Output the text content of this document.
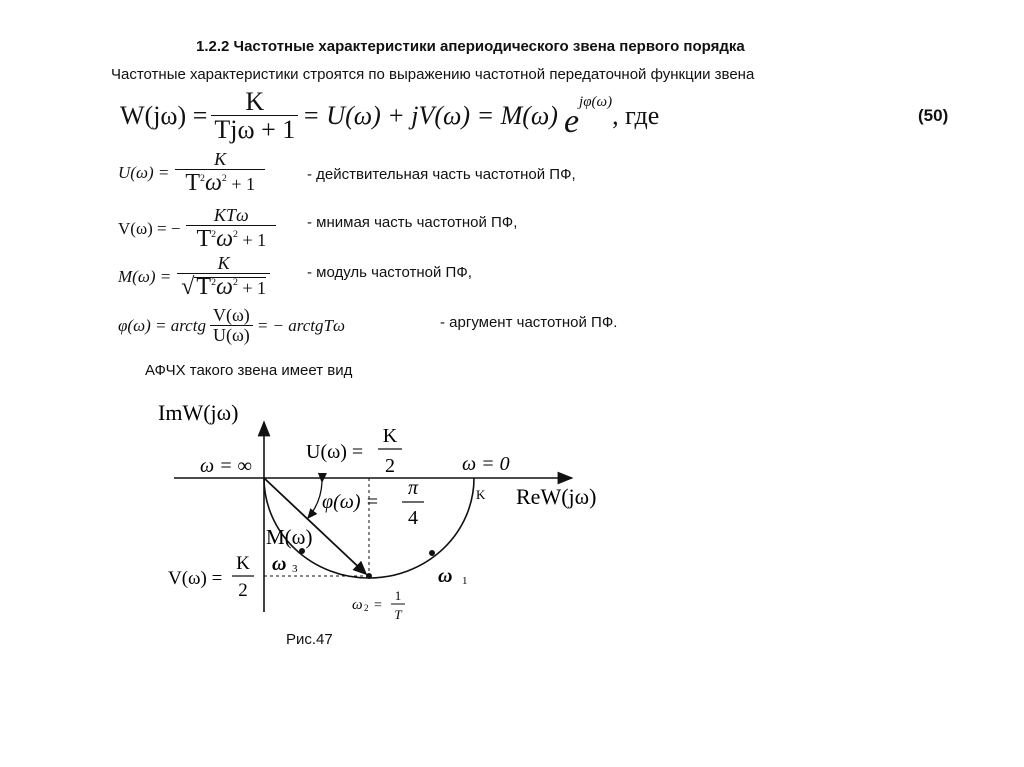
1.2.2 Частотные характеристики апериодического звена первого порядка
Частотные характеристики строятся по выражению частотной передаточной функции звена
$W(j\omega) = \frac{K}{\text{Tjω + 1}} = U(\omega) + jV(\omega) = M(\omega)$ e
jφ(ω) , где	(50)
$U(\omega) = \frac{K}{T^2\omega^2 + 1}$	- действительная часть частотной ПФ,
V(ω) = − $\frac{\text{KTω}}{T^2\omega^2 + 1}$ - мнимая часть частотной ПФ,
$M(\omega) = \frac{K}{√T^2\omega^2 + 1}$ - модуль частотной ПФ,
φ(ω) = arctg $\frac{V(\omega)}{U(\omega)}$ = − arctgTω	- аргумент частотной ПФ.
АФЧХ такого звена имеет вид
ImW(jω)
ReW(jω)
ω = ∞	ω = 0
K
U(ω) =
K
2
φ(ω) =
π
4
M(ω)
ω 3	ω 1
V(ω) =
K
2
ω 2 =
1
T
Рис.47
